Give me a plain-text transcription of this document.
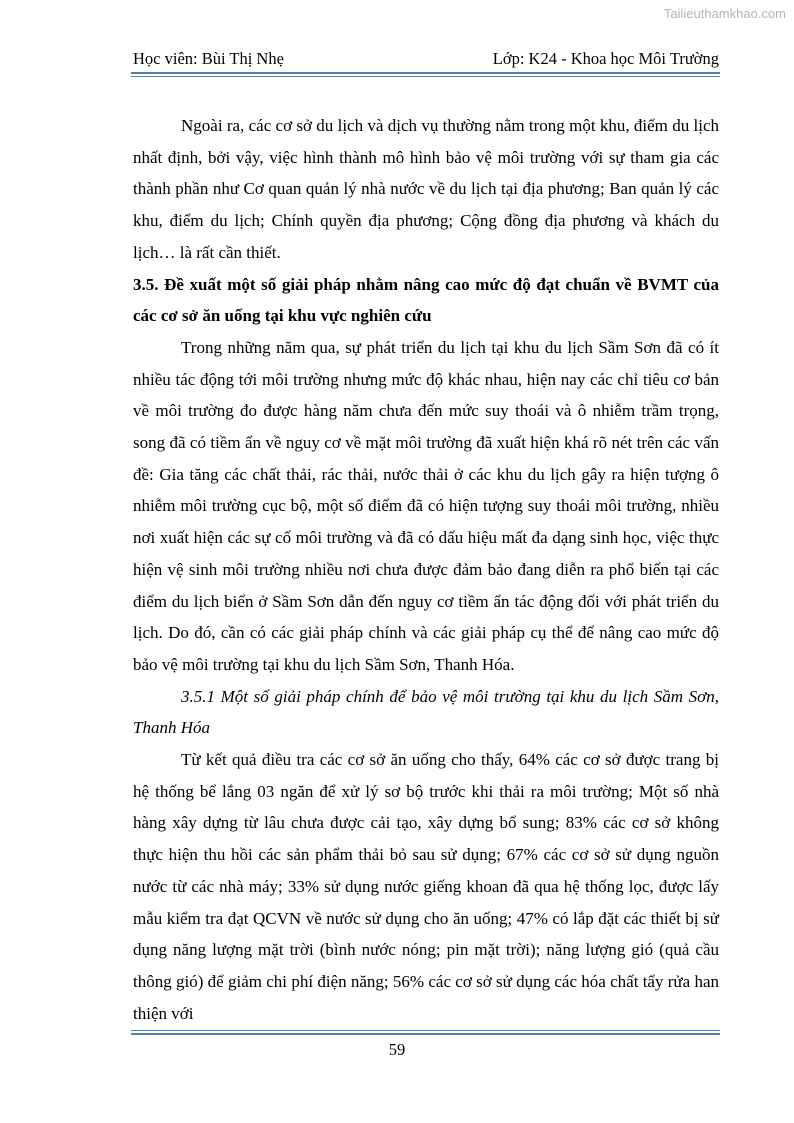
Tailieuthamkhao.com
Học viên: Bùi Thị Nhẹ	Lớp: K24 - Khoa học Môi Trường

Ngoài ra, các cơ sở du lịch và dịch vụ thường nằm trong một khu, điểm du lịch nhất định, bởi vậy, việc hình thành mô hình bảo vệ môi trường với sự tham gia các thành phần như Cơ quan quản lý nhà nước về du lịch tại địa phương; Ban quản lý các khu, điểm du lịch; Chính quyền địa phương; Cộng đồng địa phương và khách du lịch… là rất cần thiết.

3.5. Đề xuất một số giải pháp nhằm nâng cao mức độ đạt chuẩn về BVMT của các cơ sở ăn uống tại khu vực nghiên cứu

Trong những năm qua, sự phát triển du lịch tại khu du lịch Sầm Sơn đã có ít nhiều tác động tới môi trường nhưng mức độ khác nhau, hiện nay các chỉ tiêu cơ bản về môi trường đo được hàng năm chưa đến mức suy thoái và ô nhiễm trầm trọng, song đã có tiềm ẩn về nguy cơ về mặt môi trường đã xuất hiện khá rõ nét trên các vấn đề: Gia tăng các chất thải, rác thải, nước thải ở các khu du lịch gây ra hiện tượng ô nhiễm môi trường cục bộ, một số điểm đã có hiện tượng suy thoái môi trường, nhiều nơi xuất hiện các sự cố môi trường và đã có dấu hiệu mất đa dạng sinh học, việc thực hiện vệ sinh môi trường nhiều nơi chưa được đảm bảo đang diễn ra phổ biến tại các điểm du lịch biển ở Sầm Sơn dẫn đến nguy cơ tiềm ẩn tác động đối với phát triển du lịch. Do đó, cần có các giải pháp chính và các giải pháp cụ thể để nâng cao mức độ bảo vệ môi trường tại khu du lịch Sầm Sơn, Thanh Hóa.

3.5.1 Một số giải pháp chính để bảo vệ môi trường tại khu du lịch Sầm Sơn, Thanh Hóa

Từ kết quả điều tra các cơ sở ăn uống cho thấy, 64% các cơ sở được trang bị hệ thống bể lắng 03 ngăn để xử lý sơ bộ trước khi thải ra môi trường; Một số nhà hàng xây dựng từ lâu chưa được cải tạo, xây dựng bổ sung; 83% các cơ sở không thực hiện thu hồi các sản phẩm thải bỏ sau sử dụng; 67% các cơ sở sử dụng nguồn nước từ các nhà máy; 33% sử dụng nước giếng khoan đã qua hệ thống lọc, được lấy mẫu kiểm tra đạt QCVN về nước sử dụng cho ăn uống; 47% có lắp đặt các thiết bị sử dụng năng lượng mặt trời (bình nước nóng; pin mặt trời); năng lượng gió (quả cầu thông gió) để giảm chi phí điện năng; 56% các cơ sở sử dụng các hóa chất tẩy rửa han thiện với

59
